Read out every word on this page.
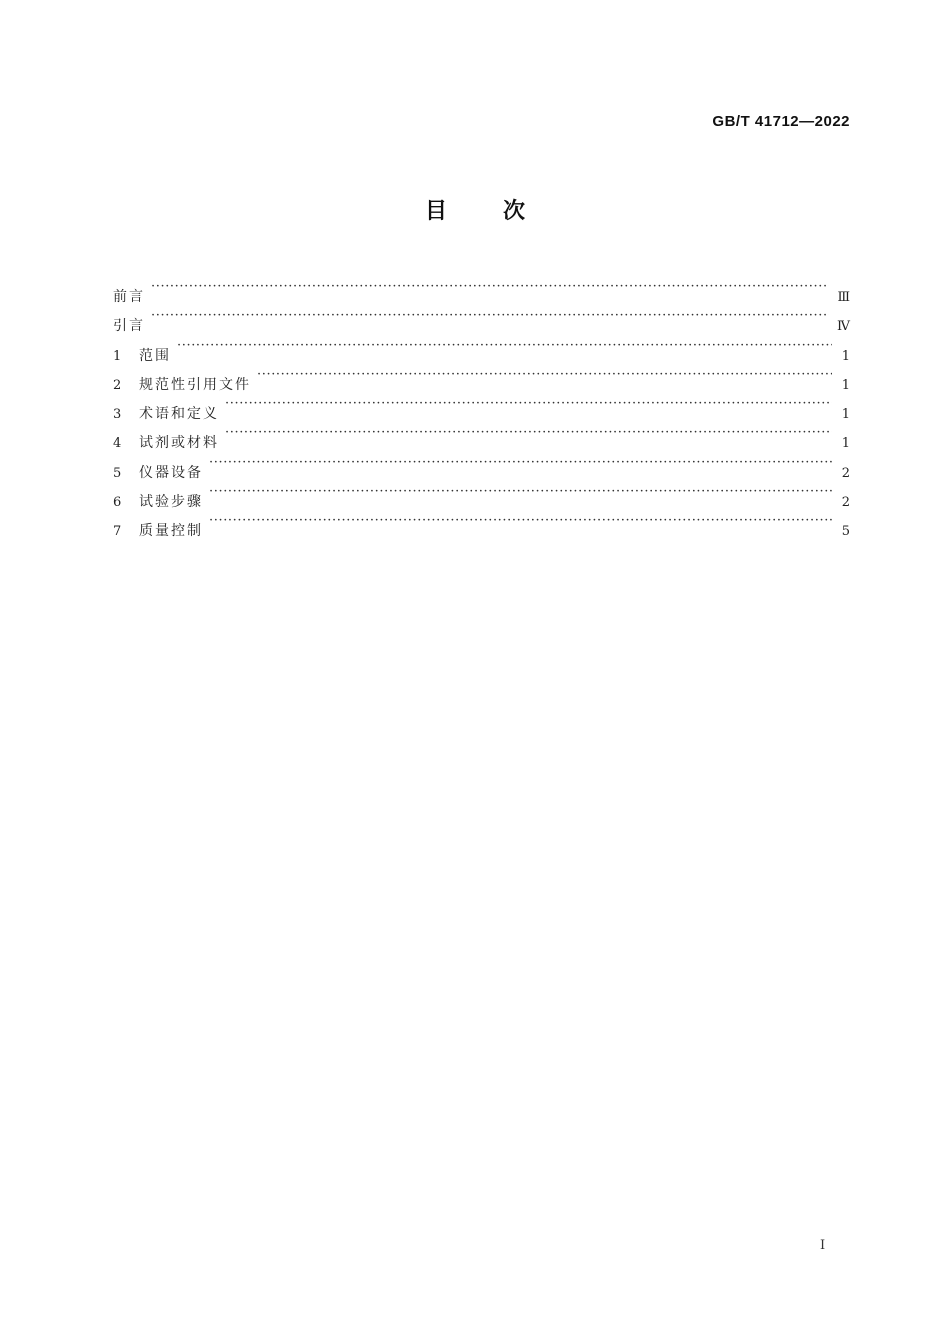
GB/T 41712—2022
目次
前言 ·····	Ⅲ
引言 ·····	Ⅳ
1	范围 ·····	1
2	规范性引用文件 ·····	1
3	术语和定义 ·····	1
4	试剂或材料 ·····	1
5	仪器设备 ·····	2
6	试验步骤 ·····	2
7	质量控制 ·····	5
Ⅰ
